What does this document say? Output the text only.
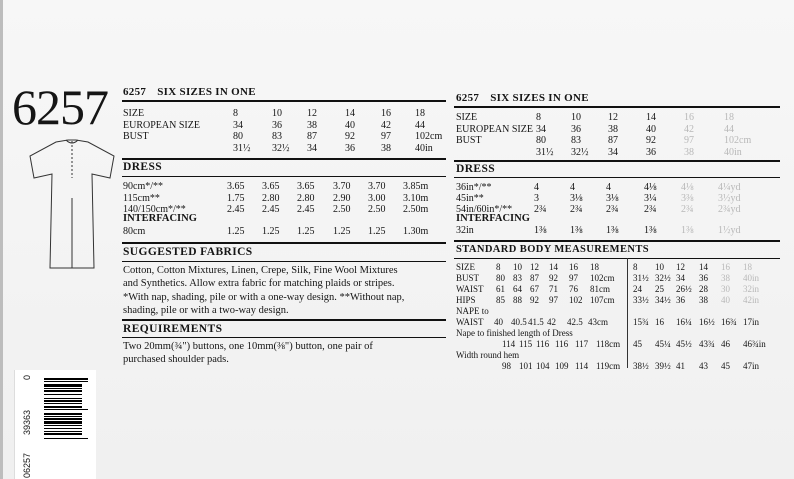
6257 6257 SIX SIZES IN ONE
SIZE	8	10	12	14	16 18
EUROPEAN SIZE	34	36	38	40	42 44
BUST	80	83	87	92	97 102cm
31½ 32½ 34	36	38 40in
DRESS
90cm*/**	3.65 3.65 3.65 3.70 3.70 3.85m
115cm**	1.75 2.80 2.80 2.90 3.00 3.10m
140/150cm*/**	2.45 2.45 2.45 2.50 2.50 2.50m
INTERFACING
80cm	1.25 1.25 1.25 1.25 1.25 1.30m
SUGGESTED FABRICS
Cotton, Cotton Mixtures, Linen, Crepe, Silk, Fine Wool Mixtures
and Synthetics. Allow extra fabric for matching plaids or stripes.
*With nap, shading, pile or with a one-way design. **Without nap,
shading, pile or with a two-way design.
REQUIREMENTS
Two 20mm(¾") buttons, one 10mm(⅜") button, one pair of
purchased shoulder pads.
6257 SIX SIZES IN ONE
SIZE	8	10	12	14	16	18
EUROPEAN SIZE 34	36	38	40	42	44
BUST	80	83	87	92	97	102cm
31½ 32½ 34	36	38	40in
DRESS
36in*/**	4	4	4	4⅛ 4⅛ 4¼yd
45in**	3	3⅛ 3⅛	3¼ 3⅜ 3½yd
54in/60in*/** 2¾ 2¾ 2¾	2¾ 2¾ 2¾yd
INTERFACING
32in	1⅜ 1⅜ 1⅜	1⅜ 1⅜ 1½yd
STANDARD BODY MEASUREMENTS
SIZE 8 10 12 14 16 18	8 10 12 14 16 18
BUST 80 83 87 92 97 102cm 31½ 32½ 34 36 38 40in
WAIST 61 64 67 71 76 81cm	24 25 26½ 28 30 32in
HIPS 85 88 92 97 102 107cm 33½ 34½ 36 38 40 42in
NAPE to
WAIST 40 40.5 41.5 42 42.5 43cm	15¾ 16 16¼ 16½ 16¾ 17in
Nape to finished length of Dress
114 115 116 116 117 118cm 45 45¼ 45½ 43¾ 46 46¾in
Width round hem
98 101 104 109 114 119cm 38½ 39½ 41 43 45 47in
0
39363
06257
